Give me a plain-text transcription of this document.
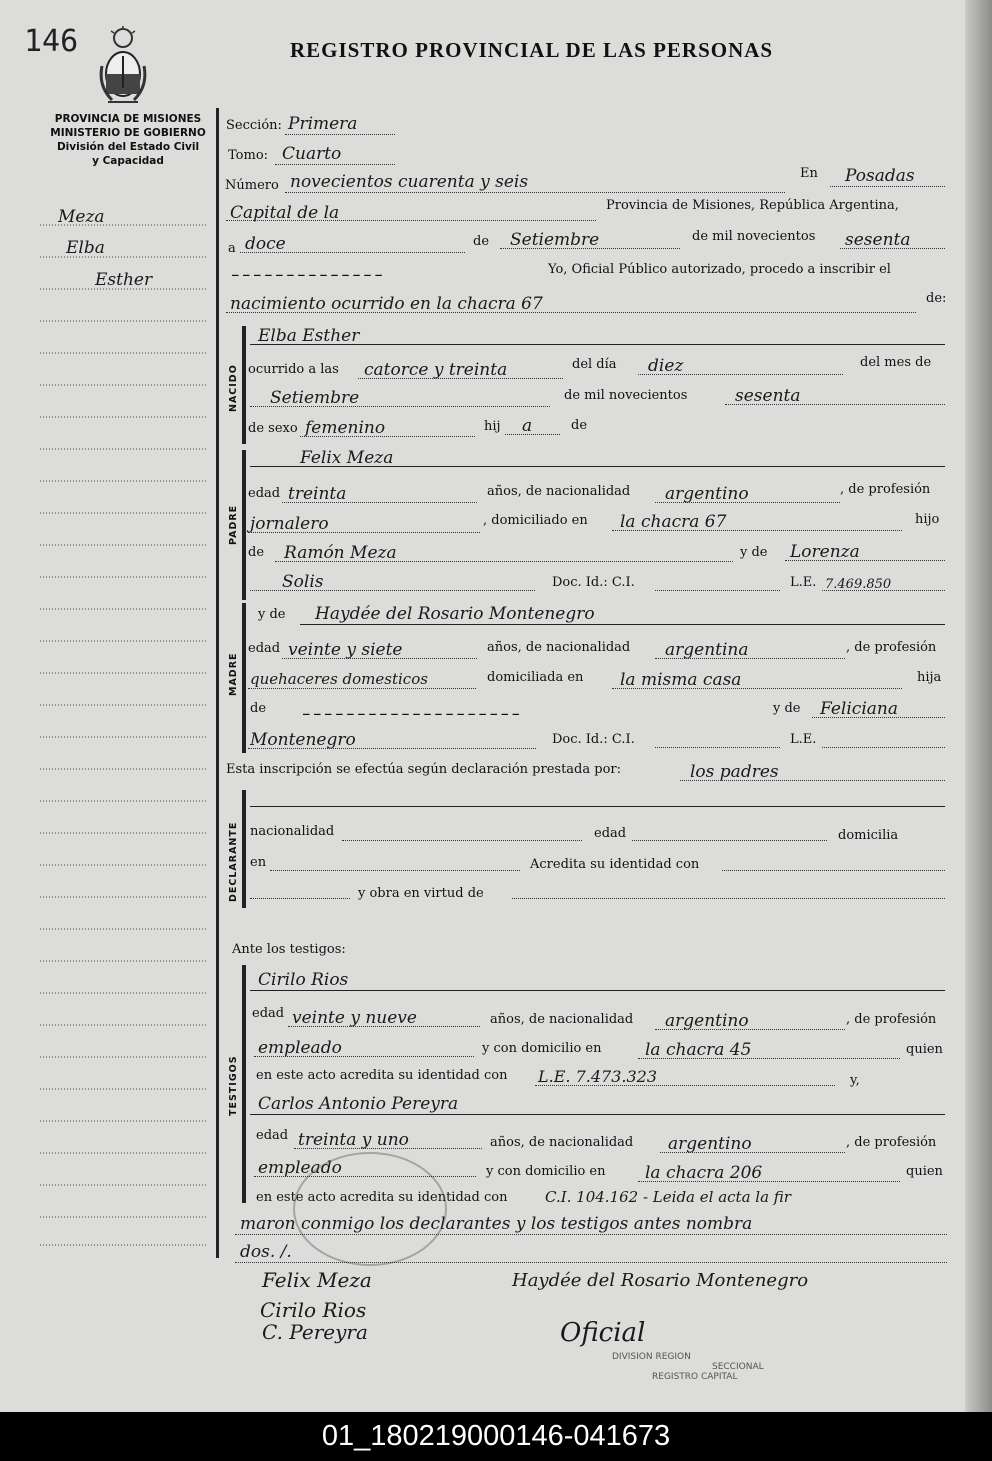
146	REGISTRO PROVINCIAL DE LAS PERSONAS
PROVINCIA DE MISIONES
MINISTERIO DE GOBIERNO
División del Estado Civil
y Capacidad
Meza
Elba
Esther
Sección: Primera
Tomo: Cuarto
Número novecientos cuarenta y seis	En Posadas
Capital de la	Provincia de Misiones, República Argentina,
a doce	de Setiembre	de mil novecientos sesenta
_ _ _ _ _ _ _ _ _ _ _ _ _ _	Yo, Oficial Público autorizado, procedo a inscribir el
nacimiento ocurrido en la chacra 67	de:
NACIDO
Elba Esther
ocurrido a las catorce y treinta	del día diez	del mes de
Setiembre	de mil novecientos	sesenta
de sexo femenino	hij a	de
PADRE
Felix Meza
edad treinta	años, de nacionalidad argentino	, de profesión
jornalero	, domiciliado en la chacra 67	hijo
de Ramón Meza	y de Lorenza
Solis	Doc. Id.: C.I.	L.E. 7.469.850
MADRE
y de Haydée del Rosario Montenegro
edad veinte y siete	años, de nacionalidad argentina	, de profesión
quehaceres domesticos	domiciliada en la misma casa	hija
de	_ _ _ _ _ _ _ _ _ _ _ _ _ _ _ _ _ _ _ _	y de Feliciana
Montenegro	Doc. Id.: C.I.	L.E.
Esta inscripción se efectúa según declaración prestada por:	los padres
DECLARANTE nacionalidad	edad	domicilia
en	Acredita su identidad con
y obra en virtud de
Ante los testigos:
TESTIGOS
Cirilo Rios
edad veinte y nueve	años, de nacionalidad argentino	, de profesión
empleado	y con domicilio en	la chacra 45	quien
en este acto acredita su identidad con L.E. 7.473.323	y,
Carlos Antonio Pereyra
edad treinta y uno	años, de nacionalidad argentino	, de profesión
empleado	y con domicilio en la chacra 206	quien
en este acto acredita su identidad con	C.I. 104.162 - Leida el acta la fir
maron conmigo los declarantes y los testigos antes nombra
dos. /.
Felix Meza	Haydée del Rosario Montenegro
Cirilo Rios
C. Pereyra	Oficial
DIVISION REGION
SECCIONAL
REGISTRO CAPITAL
01_180219000146-041673
